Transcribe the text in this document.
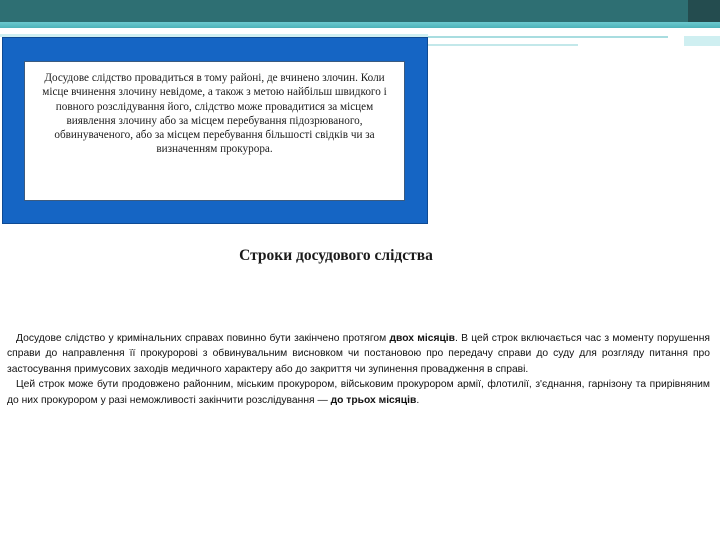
Досудове слідство провадиться в тому районі, де вчинено злочин. Коли місце вчинення злочину невідоме, а також з метою найбільш швидкого і повного розслідування його, слідство може провадитися за місцем виявлення злочину або за місцем перебування підозрюваного, обвинуваченого, або за місцем перебування більшості свідків чи за визначенням прокурора.

Строки досудового слідства

Досудове слідство у кримінальних справах повинно бути закінчено протягом двох місяців. В цей строк включається час з моменту порушення справи до направлення її прокуророві з обвинувальним висновком чи постановою про передачу справи до суду для розгляду питання про застосування примусових заходів медичного характеру або до закриття чи зупинення провадження в справі.

Цей строк може бути продовжено районним, міським прокурором, військовим прокурором армії, флотилії, з'єднання, гарнізону та прирівняним до них прокурором у разі неможливості закінчити розслідування — до трьох місяців.
